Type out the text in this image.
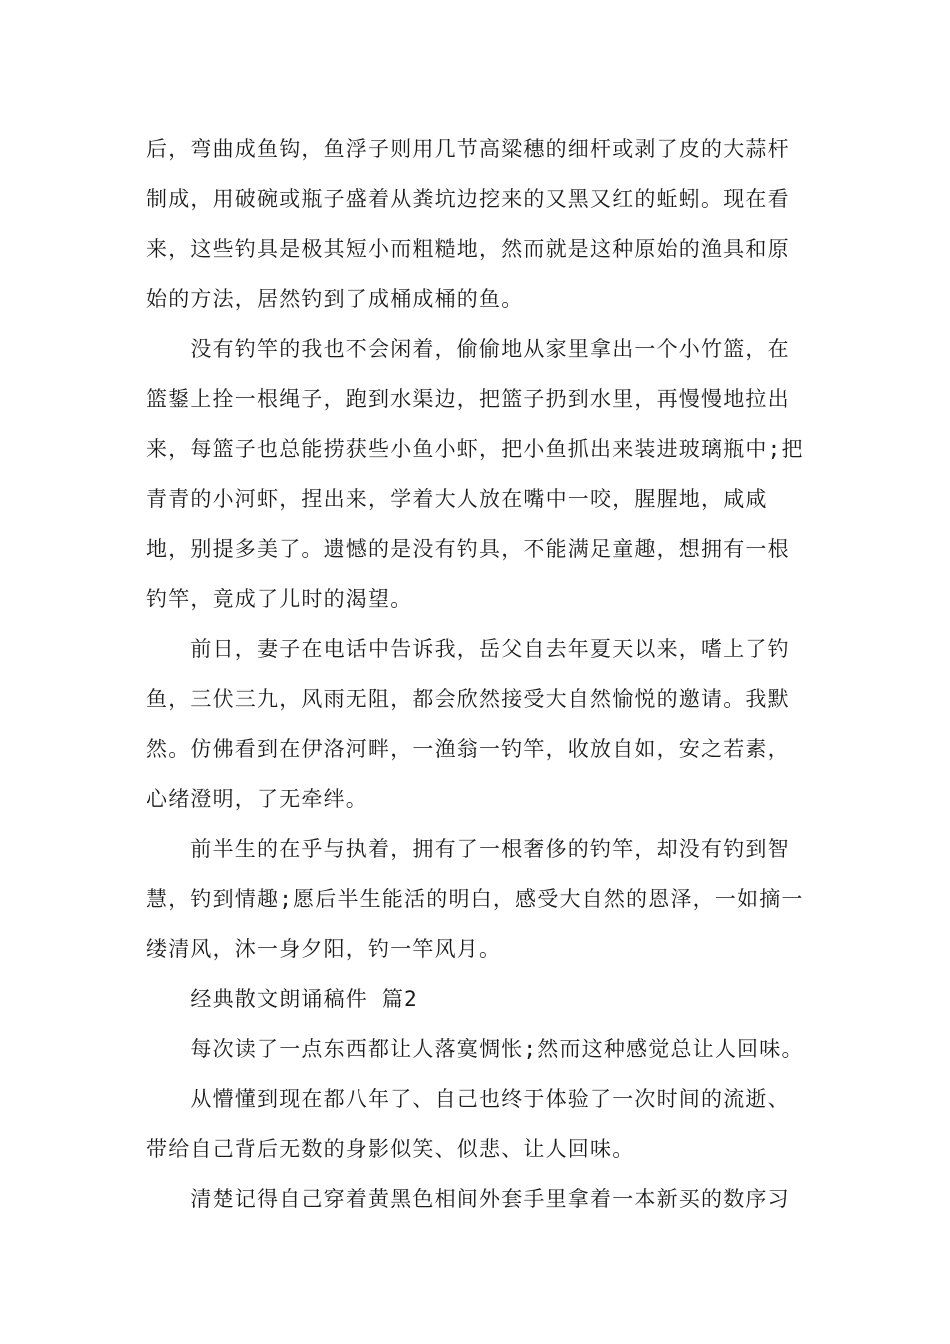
后，弯曲成鱼钩，鱼浮子则用几节高粱穗的细杆或剥了皮的大蒜杆
制成，用破碗或瓶子盛着从粪坑边挖来的又黑又红的蚯蚓。现在看
来，这些钓具是极其短小而粗糙地，然而就是这种原始的渔具和原
始的方法，居然钓到了成桶成桶的鱼。
　　没有钓竿的我也不会闲着，偷偷地从家里拿出一个小竹篮，在
篮鋬上拴一根绳子，跑到水渠边，把篮子扔到水里，再慢慢地拉出
来，每篮子也总能捞获些小鱼小虾，把小鱼抓出来装进玻璃瓶中;把
青青的小河虾，捏出来，学着大人放在嘴中一咬，腥腥地，咸咸
地，别提多美了。遗憾的是没有钓具，不能满足童趣，想拥有一根
钓竿，竟成了儿时的渴望。
　　前日，妻子在电话中告诉我，岳父自去年夏天以来，嗜上了钓
鱼，三伏三九，风雨无阻，都会欣然接受大自然愉悦的邀请。我默
然。仿佛看到在伊洛河畔，一渔翁一钓竿，收放自如，安之若素，
心绪澄明，了无牵绊。
　　前半生的在乎与执着，拥有了一根奢侈的钓竿，却没有钓到智
慧，钓到情趣;愿后半生能活的明白，感受大自然的恩泽，一如摘一
缕清风，沐一身夕阳，钓一竿风月。
　　经典散文朗诵稿件 篇2
　　每次读了一点东西都让人落寞惆怅;然而这种感觉总让人回味。
　　从懵懂到现在都八年了、自己也终于体验了一次时间的流逝、
带给自己背后无数的身影似笑、似悲、让人回味。
　　清楚记得自己穿着黄黑色相间外套手里拿着一本新买的数序习
